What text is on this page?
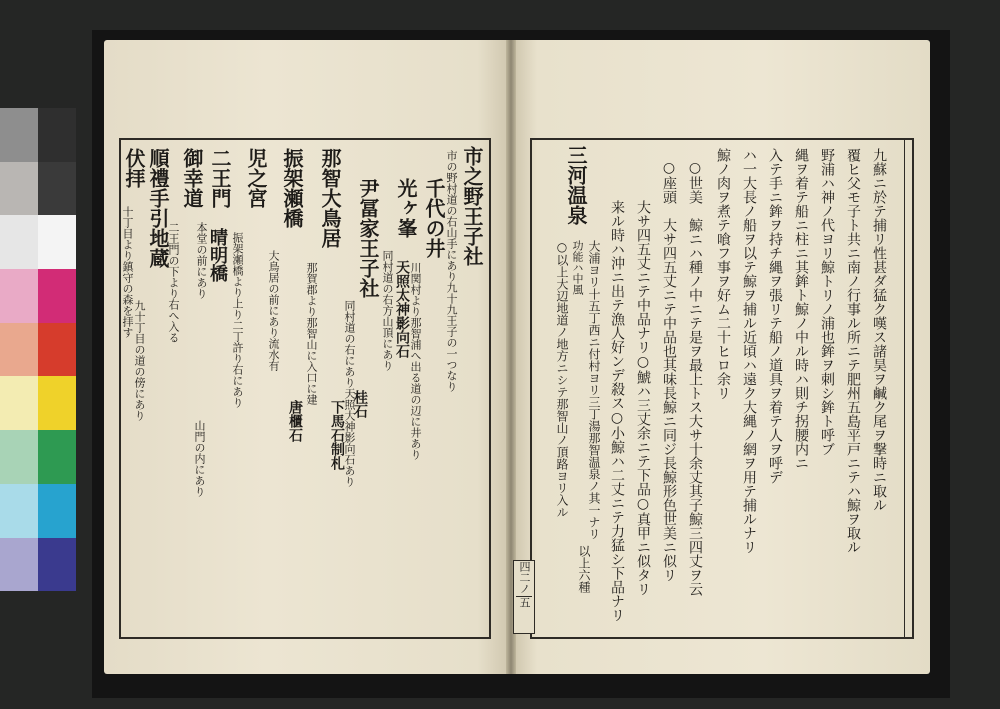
九蘇ニ於テ捕リ性甚ダ猛ク嘆ス諸昊ヲ鹹ク尾ヲ撃時ニ取ル
覆ヒ父モ子ト共ニ南ノ行事ル所ニテ肥州五島平戸ニテハ鯨ヲ取ル
野浦ハ神ノ代ヨリ鯨トリノ浦也鉾ヲ刺シ鉾ト呼ブ
縄ヲ着テ船ニ柱ニ其鉾ト鯨ノ中ル時ハ則チ拐腰内ニ
入テ手ニ鉾ヲ持チ縄ヲ張リテ船ノ道具ヲ着テ人ヲ呼デ
ハ一大長ノ船ヲ以テ鯨ヲ捕ル近頃ハ遠ク大縄ノ網ヲ用テ捕ルナリ
鯨ノ肉ヲ煮テ喰フ事ヲ好ム二十ヒロ余リ
○世美　鯨ニハ種ノ中ニテ是ヲ最上トス大サ十余丈其子鯨三四丈ヲ云
○座頭　大サ四五丈ニテ中品也其味長鯨ニ同ジ長鯨形色世美ニ似リ
大サ四五丈ニテ中品ナリ○鯱ハ三丈余ニテ下品○真甲ニ似タリ
来ル時ハ沖ニ出テ漁人好ンデ殺ス○小鯨ハ二丈ニテ力猛シ下品ナリ
三河温泉
大浦ヨリ十五丁西ニ付村ヨリ三丁湯那智温泉ノ其一ナリ
功能ハ中風
○以上大辺地道ノ地方ニシテ那智山ノ頂路ヨリ入ル
以上六種
四二ノ
五
市之野王子社
市の野村道の右山手にあり九十九王子の一つなり
千代の井
川関村より那智浦へ出る道の辺に井あり
光ヶ峯
同村道の右方山頂にあり
尹冨家王子社
同村道の右にあり天照大神影向石あり
那智大鳥居
那賀郡より那智山に入口に建
振架瀬橋
大鳥居の前にあり流水有
児之宮
振架瀬橋より上り二丁許り右にあり
二王門
本堂の前にあり
御幸道
二王門の下より右へ入る 晴明橋
山門の内にあり
順禮手引地蔵
九十丁目の道の傍にあり
伏拝
十丁目より鎮守の森を拝す	天照太神影向石
桂石
下馬石制札
唐櫃石
